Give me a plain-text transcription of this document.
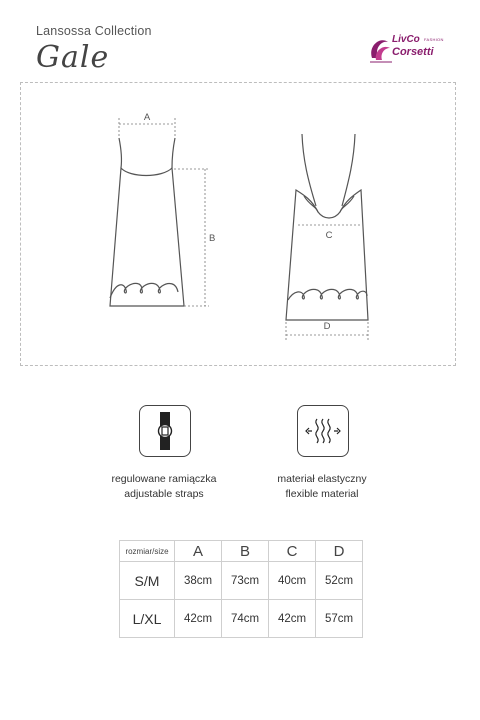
Lansossa Collection
Gale
LivCo FASHION
Corsetti
A
B	C
D
regulowane ramiączka
adjustable straps
materiał elastyczny
flexible material
rozmiar/size	A	B	C	D
S/M	38cm	73cm	40cm	52cm
L/XL	42cm	74cm	42cm	57cm
